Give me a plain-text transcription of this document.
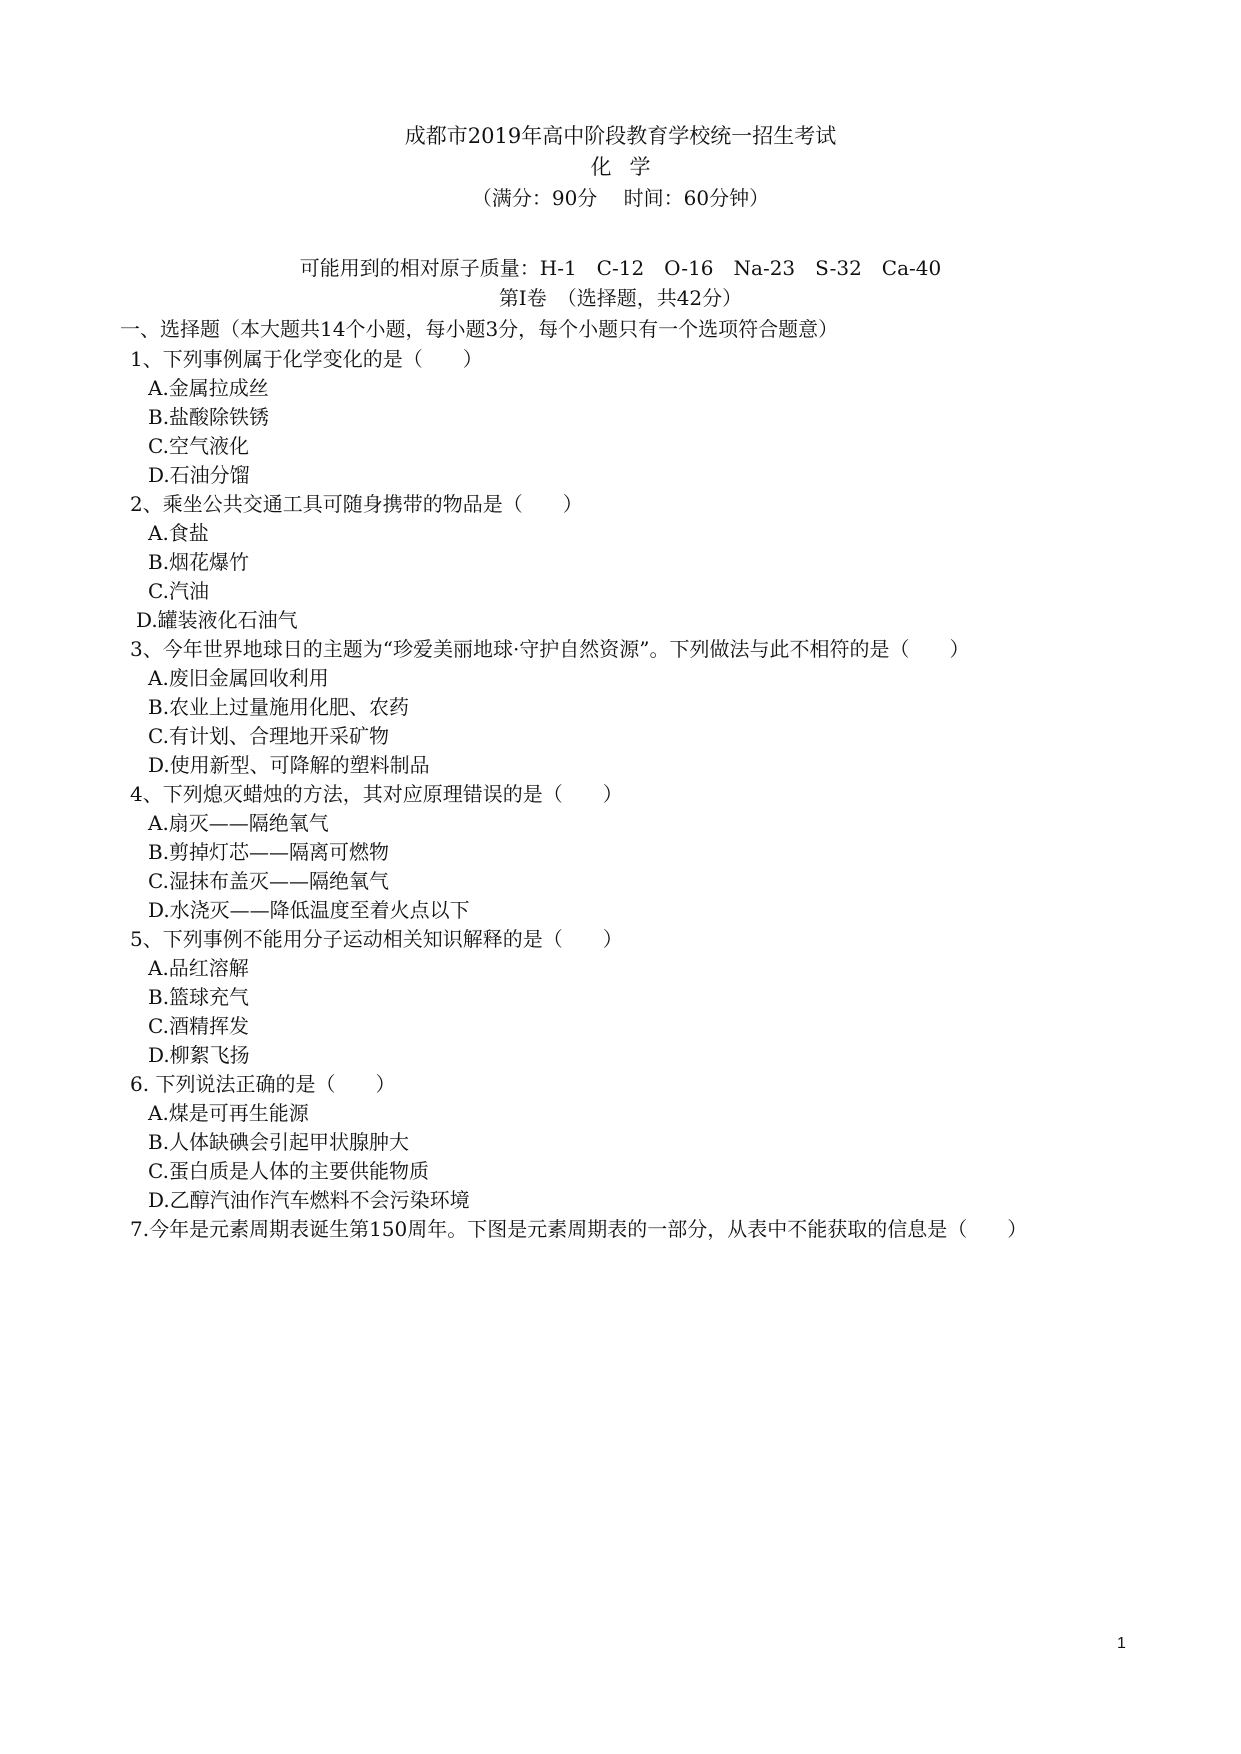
成都市2019年高中阶段教育学校统一招生考试
化学
（满分：90分　 时间：60分钟）
可能用到的相对原子质量：H-1　C-12　O-16　Na-23　S-32　Ca-40
第Ⅰ卷　（选择题，共42分）
一、选择题（本大题共14个小题，每小题3分，每个小题只有一个选项符合题意）
1、下列事例属于化学变化的是（　　）
A.金属拉成丝
B.盐酸除铁锈
C.空气液化
D.石油分馏
2、乘坐公共交通工具可随身携带的物品是（　　）
A.食盐
B.烟花爆竹
C.汽油
D.罐装液化石油气
3、今年世界地球日的主题为“珍爱美丽地球·守护自然资源”。下列做法与此不相符的是（　　）
A.废旧金属回收利用
B.农业上过量施用化肥、农药
C.有计划、合理地开采矿物
D.使用新型、可降解的塑料制品
4、下列熄灭蜡烛的方法，其对应原理错误的是（　　）
A.扇灭——隔绝氧气
B.剪掉灯芯——隔离可燃物
C.湿抹布盖灭——隔绝氧气
D.水浇灭——降低温度至着火点以下
5、下列事例不能用分子运动相关知识解释的是（　　）
A.品红溶解
B.篮球充气
C.酒精挥发
D.柳絮飞扬
6. 下列说法正确的是（　　）
A.煤是可再生能源
B.人体缺碘会引起甲状腺肿大
C.蛋白质是人体的主要供能物质
D.乙醇汽油作汽车燃料不会污染环境
7.今年是元素周期表诞生第150周年。下图是元素周期表的一部分，从表中不能获取的信息是（　　）
1
